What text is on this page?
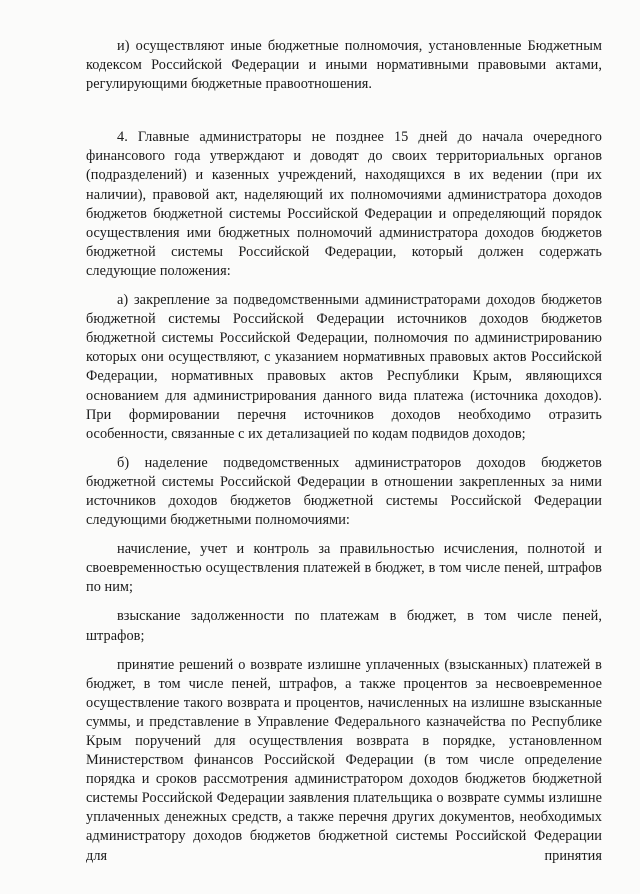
и) осуществляют иные бюджетные полномочия, установленные Бюджетным кодексом Российской Федерации и иными нормативными правовыми актами, регулирующими бюджетные правоотношения.

4. Главные администраторы не позднее 15 дней до начала очередного финансового года утверждают и доводят до своих территориальных органов (подразделений) и казенных учреждений, находящихся в их ведении (при их наличии), правовой акт, наделяющий их полномочиями администратора доходов бюджетов бюджетной системы Российской Федерации и определяющий порядок осуществления ими бюджетных полномочий администратора доходов бюджетов бюджетной системы Российской Федерации, который должен содержать следующие положения:

а) закрепление за подведомственными администраторами доходов бюджетов бюджетной системы Российской Федерации источников доходов бюджетов бюджетной системы Российской Федерации, полномочия по администрированию которых они осуществляют, с указанием нормативных правовых актов Российской Федерации, нормативных правовых актов Республики Крым, являющихся основанием для администрирования данного вида платежа (источника доходов). При формировании перечня источников доходов необходимо отразить особенности, связанные с их детализацией по кодам подвидов доходов;

б) наделение подведомственных администраторов доходов бюджетов бюджетной системы Российской Федерации в отношении закрепленных за ними источников доходов бюджетов бюджетной системы Российской Федерации следующими бюджетными полномочиями:

начисление, учет и контроль за правильностью исчисления, полнотой и своевременностью осуществления платежей в бюджет, в том числе пеней, штрафов по ним;

взыскание задолженности по платежам в бюджет, в том числе пеней, штрафов;

принятие решений о возврате излишне уплаченных (взысканных) платежей в бюджет, в том числе пеней, штрафов, а также процентов за несвоевременное осуществление такого возврата и процентов, начисленных на излишне взысканные суммы, и представление в Управление Федерального казначейства по Республике Крым поручений для осуществления возврата в порядке, установленном Министерством финансов Российской Федерации (в том числе определение порядка и сроков рассмотрения администратором доходов бюджетов бюджетной системы Российской Федерации заявления плательщика о возврате суммы излишне уплаченных денежных средств, а также перечня других документов, необходимых администратору доходов бюджетов бюджетной системы Российской Федерации для принятия
